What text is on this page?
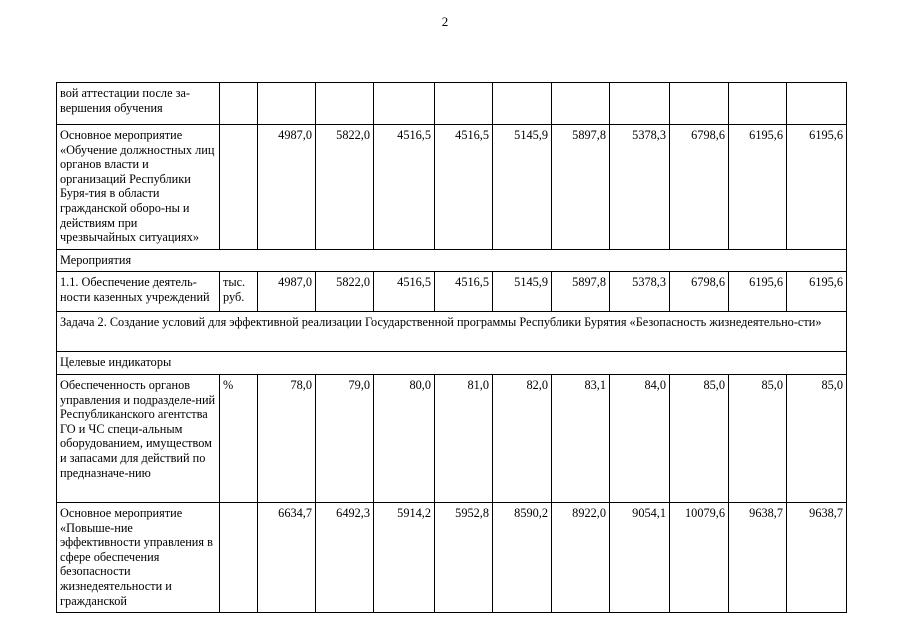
2
вой аттестации после за-
вершения обучения											
Основное мероприятие «Обучение должностных лиц органов власти и организаций Республики Буря-тия в области гражданской оборо-ны и действиям при чрезвычайных ситуациях»		4987,0	5822,0	4516,5	4516,5	5145,9	5897,8	5378,3	6798,6	6195,6	6195,6
Мероприятия											
1.1. Обеспечение деятель-ности казенных учреждений	тыс. руб.	4987,0	5822,0	4516,5	4516,5	5145,9	5897,8	5378,3	6798,6	6195,6	6195,6
Задача 2. Создание условий для эффективной реализации Государственной программы Республики Бурятия «Безопасность жизнедеятельно-сти»											
Целевые индикаторы											
Обеспеченность органов управления и подразделе-ний Республиканского агентства ГО и ЧС специ-альным оборудованием, имуществом и запасами для действий по предназначе-нию	%	78,0	79,0	80,0	81,0	82,0	83,1	84,0	85,0	85,0	85,0
Основное мероприятие «Повыше-ние эффективности управления в сфере обеспечения безопасности жизнедеятельности и гражданской		6634,7	6492,3	5914,2	5952,8	8590,2	8922,0	9054,1	10079,6	9638,7	9638,7
